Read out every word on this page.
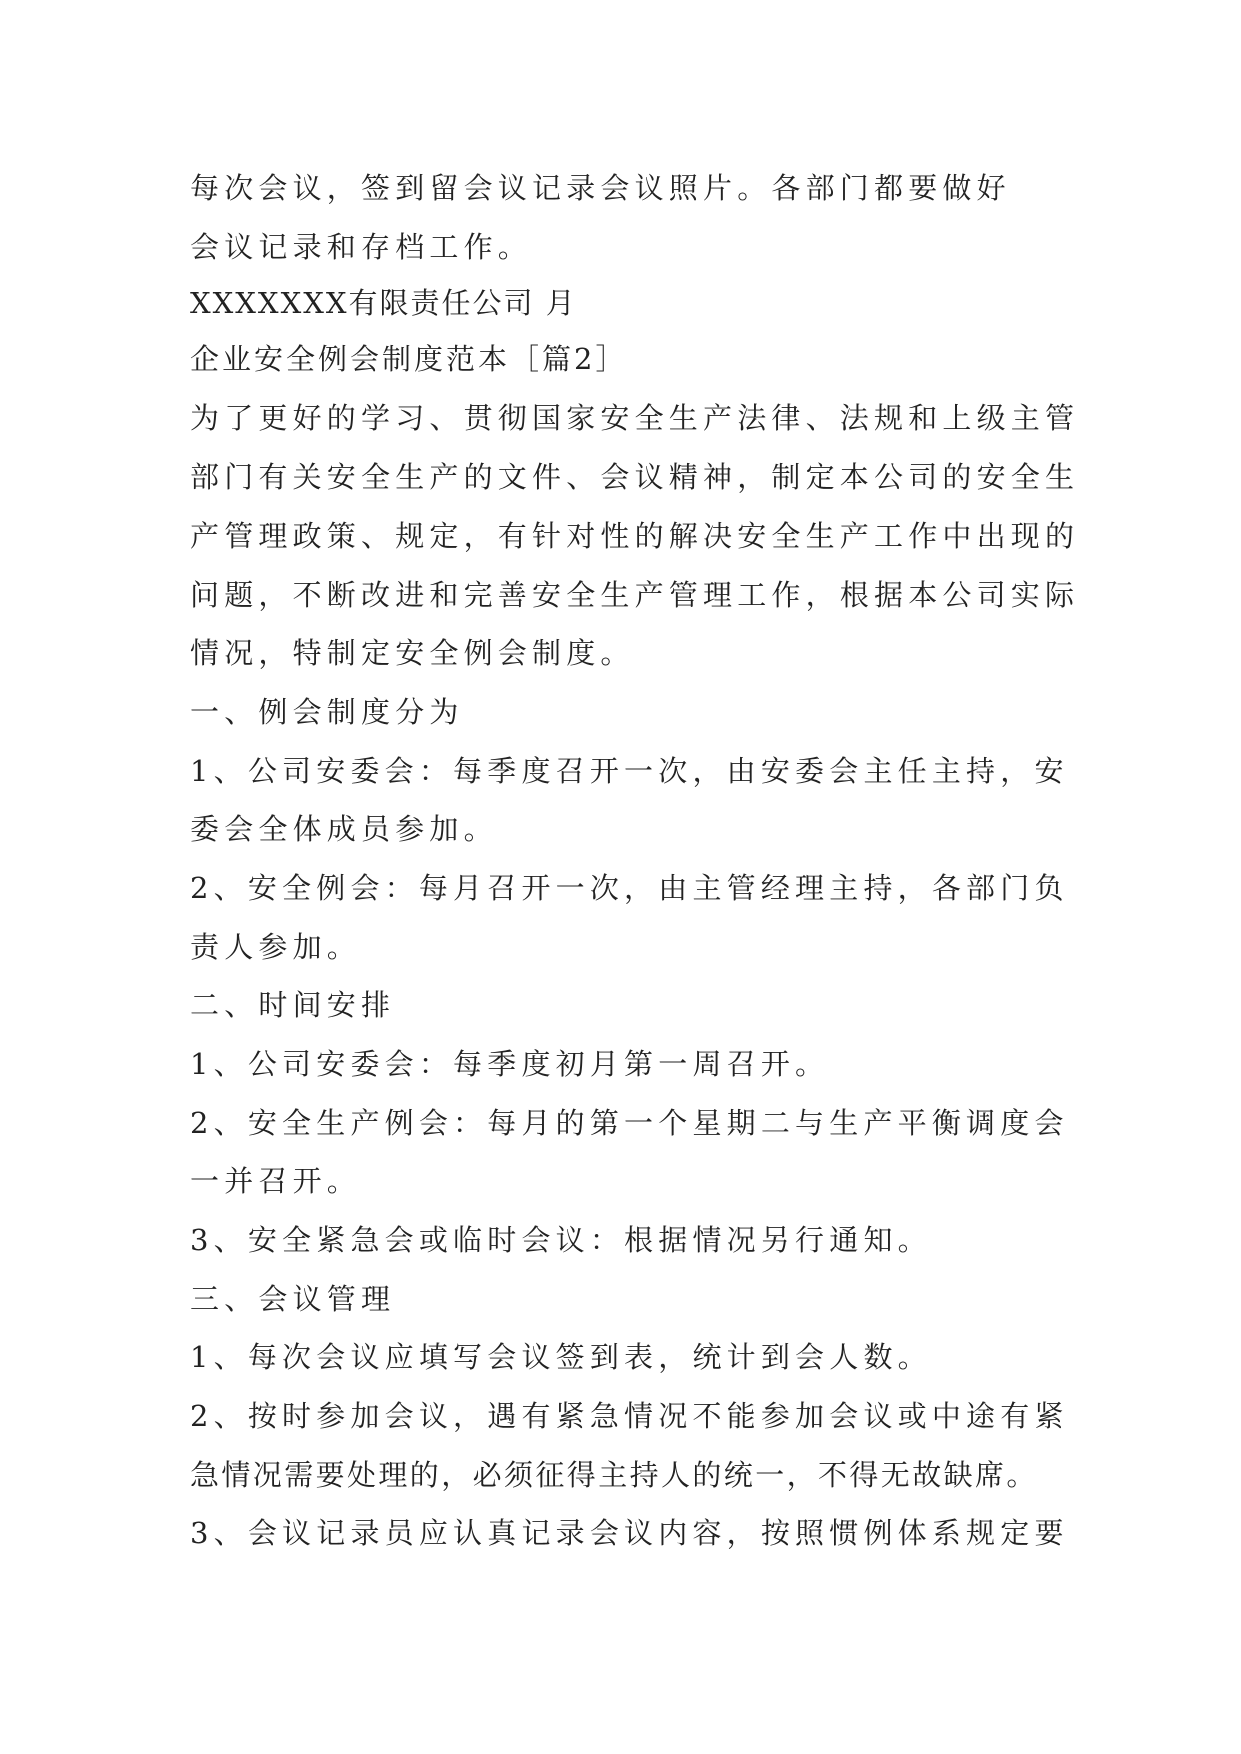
每次会议，签到留会议记录会议照片。各部门都要做好
会议记录和存档工作。
XXXXXXX有限责任公司 月
企业安全例会制度范本［篇2］
为了更好的学习、贯彻国家安全生产法律、法规和上级主管
部门有关安全生产的文件、会议精神，制定本公司的安全生
产管理政策、规定，有针对性的解决安全生产工作中出现的
问题，不断改进和完善安全生产管理工作，根据本公司实际
情况，特制定安全例会制度。
一、例会制度分为
1、公司安委会：每季度召开一次，由安委会主任主持，安
委会全体成员参加。
2、安全例会：每月召开一次，由主管经理主持，各部门负
责人参加。
二、时间安排
1、公司安委会：每季度初月第一周召开。
2、安全生产例会：每月的第一个星期二与生产平衡调度会
一并召开。
3、安全紧急会或临时会议：根据情况另行通知。
三、会议管理
1、每次会议应填写会议签到表，统计到会人数。
2、按时参加会议，遇有紧急情况不能参加会议或中途有紧
急情况需要处理的，必须征得主持人的统一，不得无故缺席。
3、会议记录员应认真记录会议内容，按照惯例体系规定要
